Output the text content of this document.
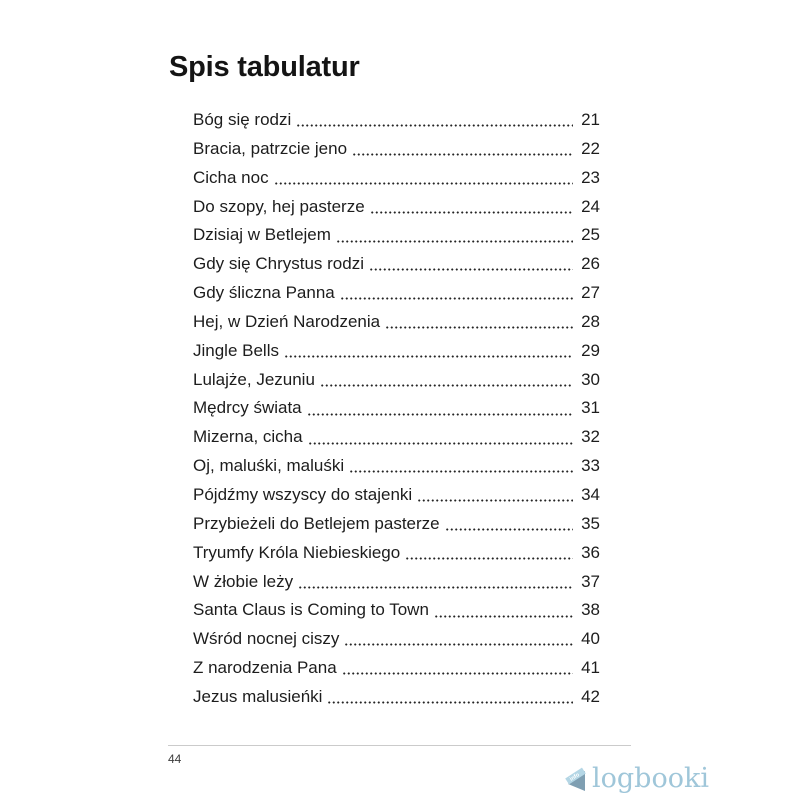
Spis tabulatur
Bóg się rodzi	21
Bracia, patrzcie jeno	22
Cicha noc	23
Do szopy, hej pasterze	24
Dzisiaj w Betlejem	25
Gdy się Chrystus rodzi	26
Gdy śliczna Panna	27
Hej, w Dzień Narodzenia	28
Jingle Bells	29
Lulajże, Jezuniu	30
Mędrcy świata	31
Mizerna, cicha	32
Oj, maluśki, maluśki	33
Pójdźmy wszyscy do stajenki	34
Przybieżeli do Betlejem pasterze	35
Tryumfy Króla Niebieskiego	36
W żłobie leży	37
Santa Claus is Coming to Town	38
Wśród nocnej ciszy	40
Z narodzenia Pana	41
Jezus malusieńki	42
44
info logbooki
